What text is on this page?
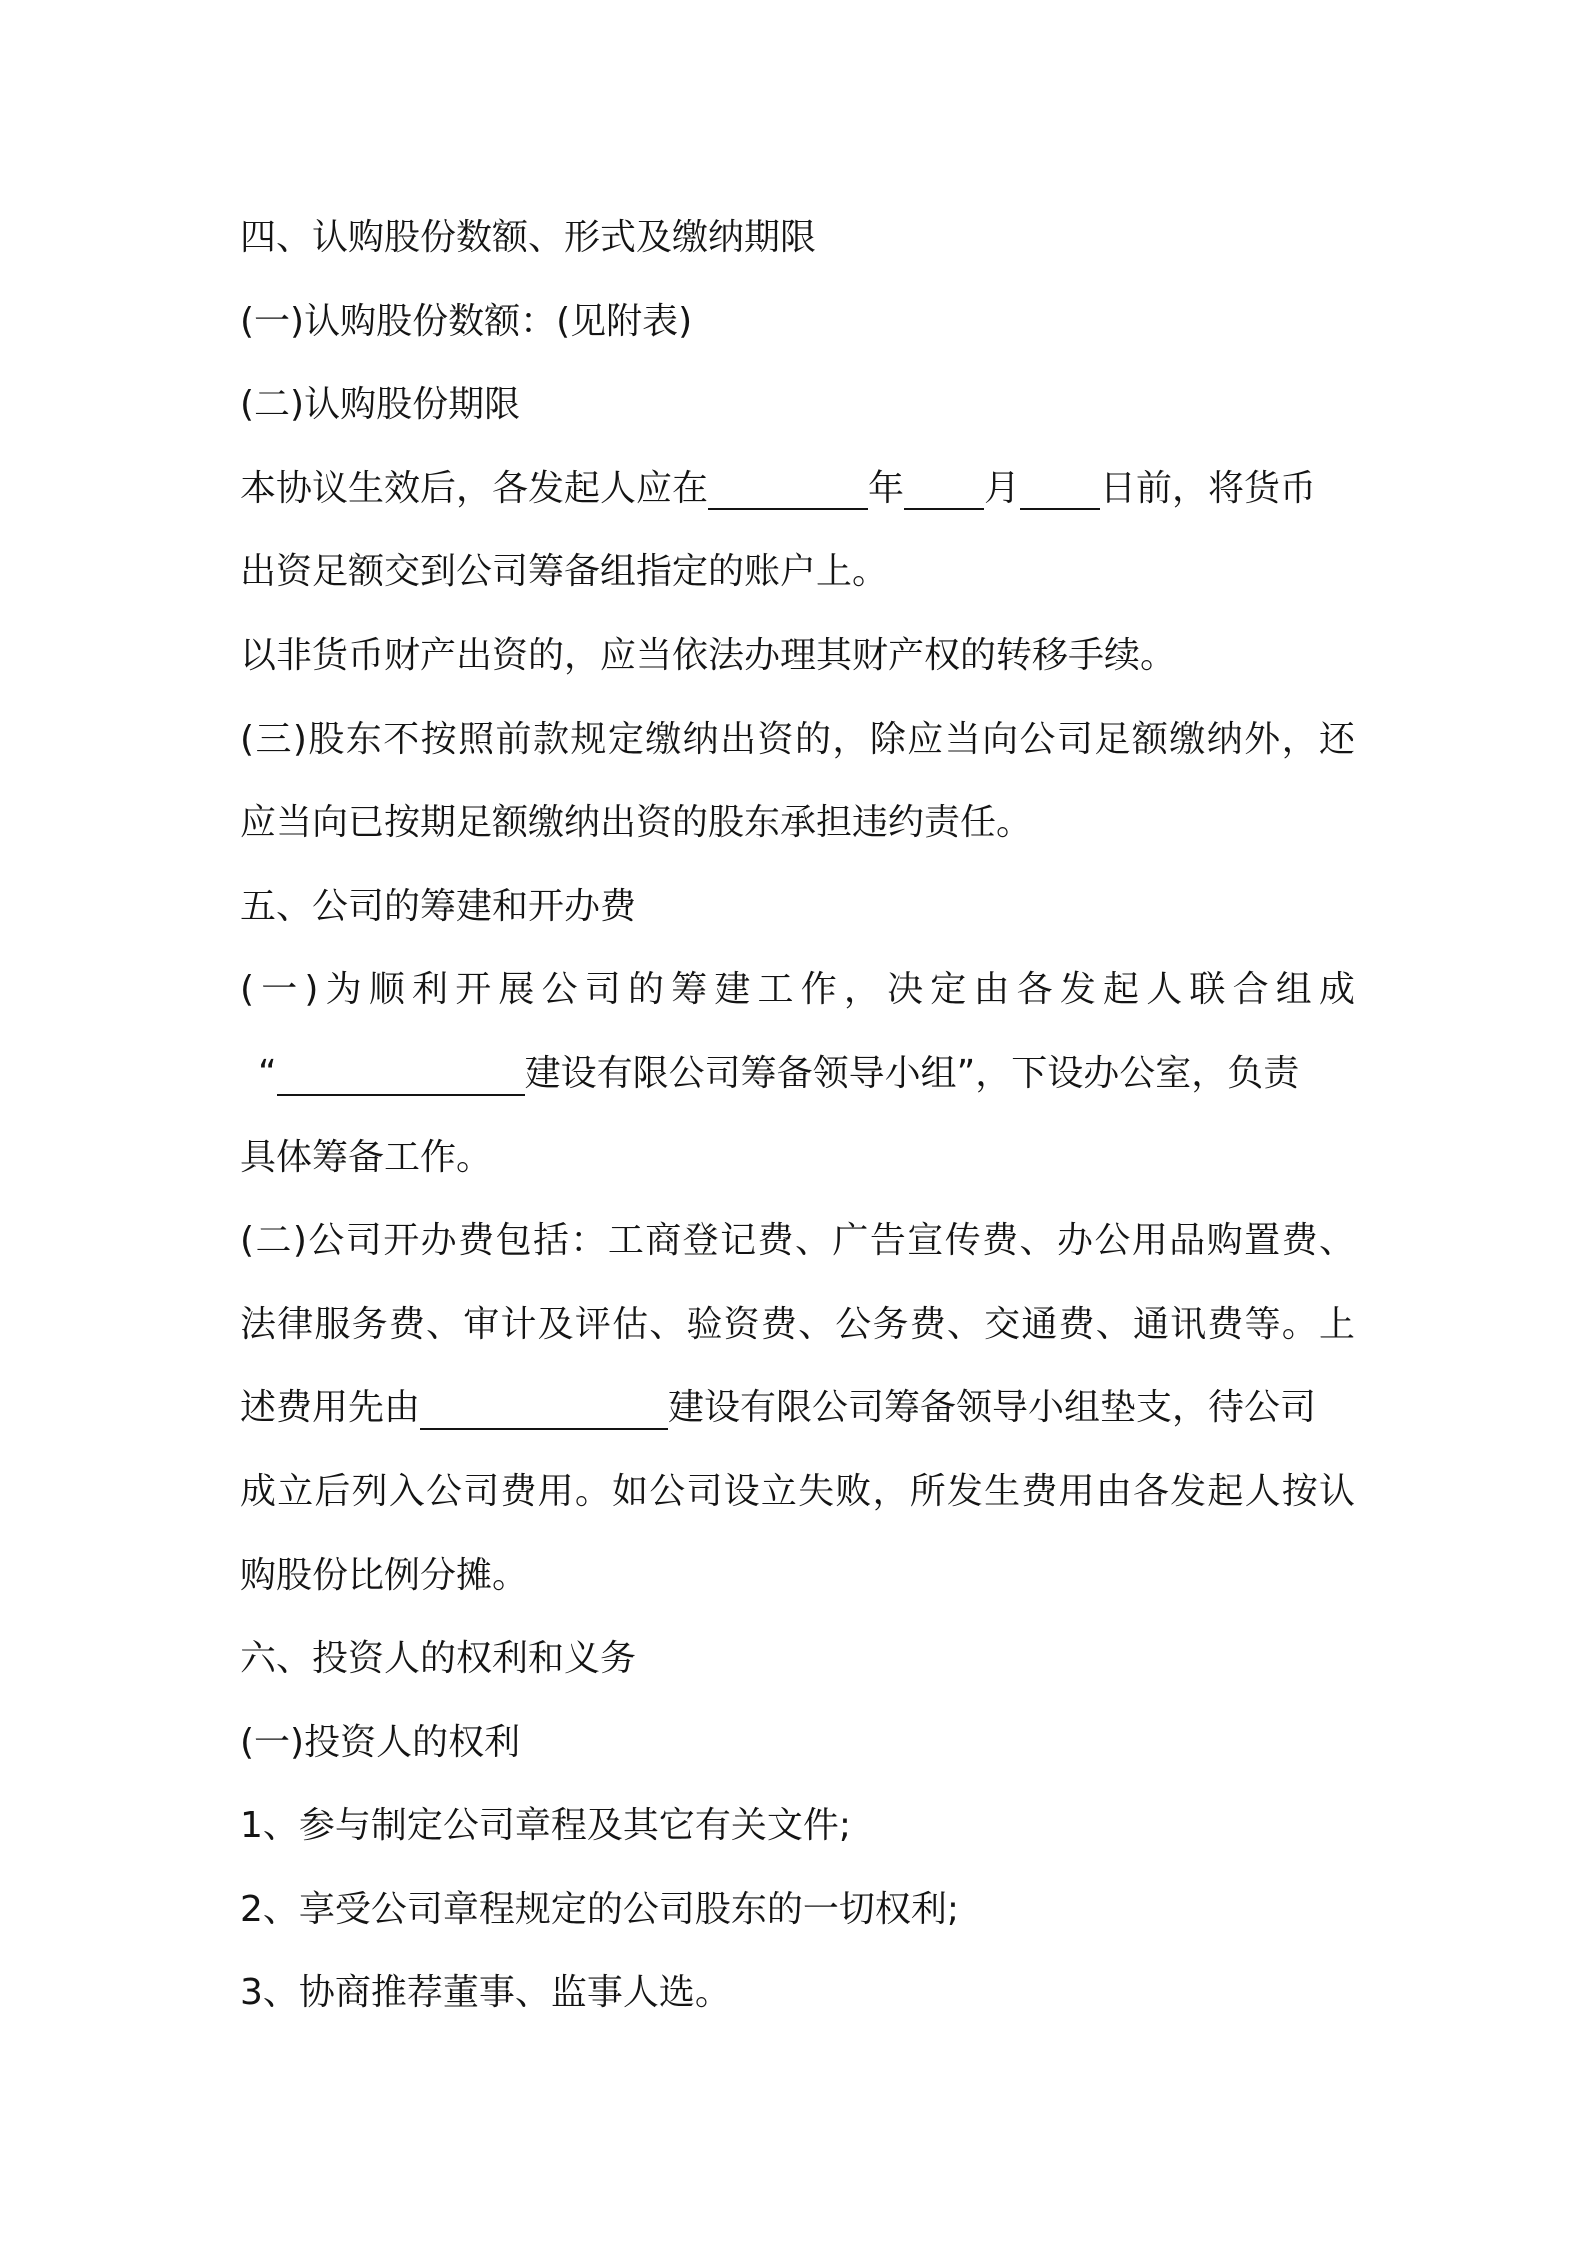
四、认购股份数额、形式及缴纳期限
(一)认购股份数额：(见附表)
(二)认购股份期限
本协议生效后，各发起人应在	年 月 日前，将货币
出资足额交到公司筹备组指定的账户上。
以非货币财产出资的，应当依法办理其财产权的转移手续。
(三)股东不按照前款规定缴纳出资的，除应当向公司足额缴纳外，还
应当向已按期足额缴纳出资的股东承担违约责任。
五、公司的筹建和开办费
(一)为顺利开展公司的筹建工作，决定由各发起人联合组成
“	建设有限公司筹备领导小组”，下设办公室，负责
具体筹备工作。
(二)公司开办费包括：工商登记费、广告宣传费、办公用品购置费、
法律服务费、审计及评估、验资费、公务费、交通费、通讯费等。上
述费用先由	建设有限公司筹备领导小组垫支，待公司
成立后列入公司费用。如公司设立失败，所发生费用由各发起人按认
购股份比例分摊。
六、投资人的权利和义务
(一)投资人的权利
1、参与制定公司章程及其它有关文件;
2、享受公司章程规定的公司股东的一切权利;
3、协商推荐董事、监事人选。
